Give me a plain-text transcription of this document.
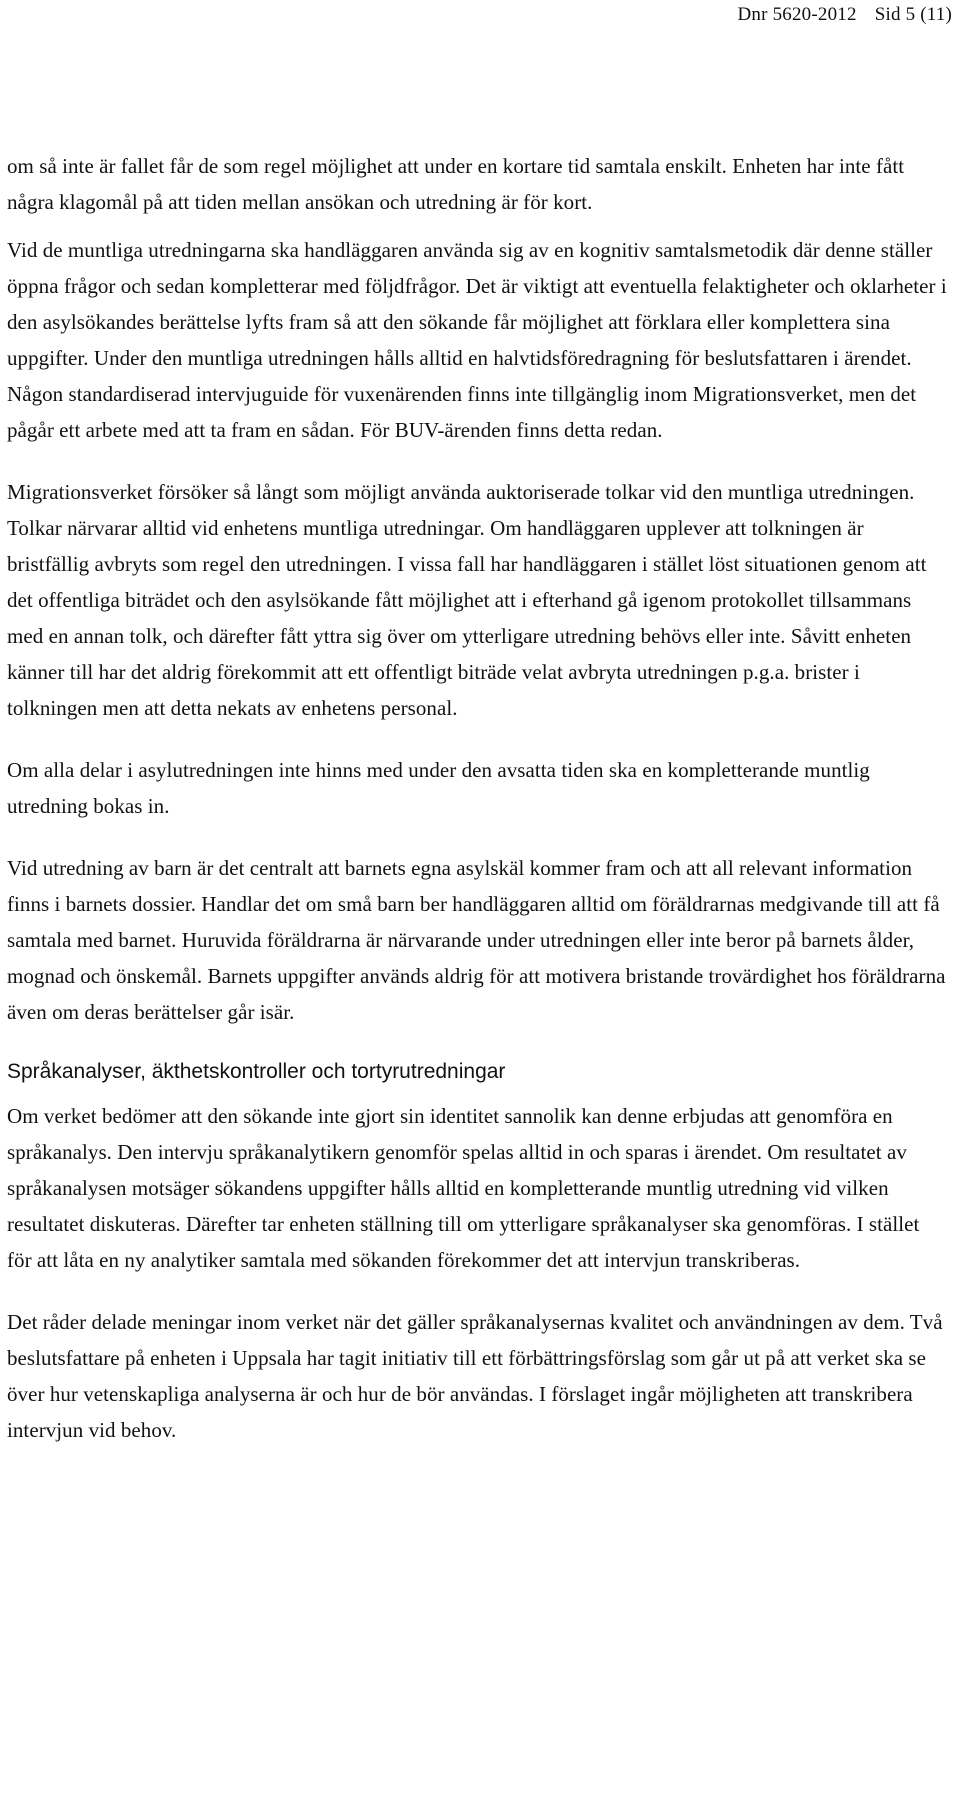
Dnr 5620-2012 Sid 5 (11)

om så inte är fallet får de som regel möjlighet att under en kortare tid samtala enskilt. Enheten har inte fått några klagomål på att tiden mellan ansökan och utredning är för kort.

Vid de muntliga utredningarna ska handläggaren använda sig av en kognitiv samtalsmetodik där denne ställer öppna frågor och sedan kompletterar med följdfrågor. Det är viktigt att eventuella felaktigheter och oklarheter i den asylsökandes berättelse lyfts fram så att den sökande får möjlighet att förklara eller komplettera sina uppgifter. Under den muntliga utredningen hålls alltid en halvtidsföredragning för beslutsfattaren i ärendet. Någon standardiserad intervjuguide för vuxenärenden finns inte tillgänglig inom Migrationsverket, men det pågår ett arbete med att ta fram en sådan. För BUV-ärenden finns detta redan.

Migrationsverket försöker så långt som möjligt använda auktoriserade tolkar vid den muntliga utredningen. Tolkar närvarar alltid vid enhetens muntliga utredningar. Om handläggaren upplever att tolkningen är bristfällig avbryts som regel den utredningen. I vissa fall har handläggaren i stället löst situationen genom att det offentliga biträdet och den asylsökande fått möjlighet att i efterhand gå igenom protokollet tillsammans med en annan tolk, och därefter fått yttra sig över om ytterligare utredning behövs eller inte. Såvitt enheten känner till har det aldrig förekommit att ett offentligt biträde velat avbryta utredningen p.g.a. brister i tolkningen men att detta nekats av enhetens personal.

Om alla delar i asylutredningen inte hinns med under den avsatta tiden ska en kompletterande muntlig utredning bokas in.

Vid utredning av barn är det centralt att barnets egna asylskäl kommer fram och att all relevant information finns i barnets dossier. Handlar det om små barn ber handläggaren alltid om föräldrarnas medgivande till att få samtala med barnet. Huruvida föräldrarna är närvarande under utredningen eller inte beror på barnets ålder, mognad och önskemål. Barnets uppgifter används aldrig för att motivera bristande trovärdighet hos föräldrarna även om deras berättelser går isär.

Språkanalyser, äkthetskontroller och tortyrutredningar

Om verket bedömer att den sökande inte gjort sin identitet sannolik kan denne erbjudas att genomföra en språkanalys. Den intervju språkanalytikern genomför spelas alltid in och sparas i ärendet. Om resultatet av språkanalysen motsäger sökandens uppgifter hålls alltid en kompletterande muntlig utredning vid vilken resultatet diskuteras. Därefter tar enheten ställning till om ytterligare språkanalyser ska genomföras. I stället för att låta en ny analytiker samtala med sökanden förekommer det att intervjun transkriberas.

Det råder delade meningar inom verket när det gäller språkanalysernas kvalitet och användningen av dem. Två beslutsfattare på enheten i Uppsala har tagit initiativ till ett förbättringsförslag som går ut på att verket ska se över hur vetenskapliga analyserna är och hur de bör användas. I förslaget ingår möjligheten att transkribera intervjun vid behov.
